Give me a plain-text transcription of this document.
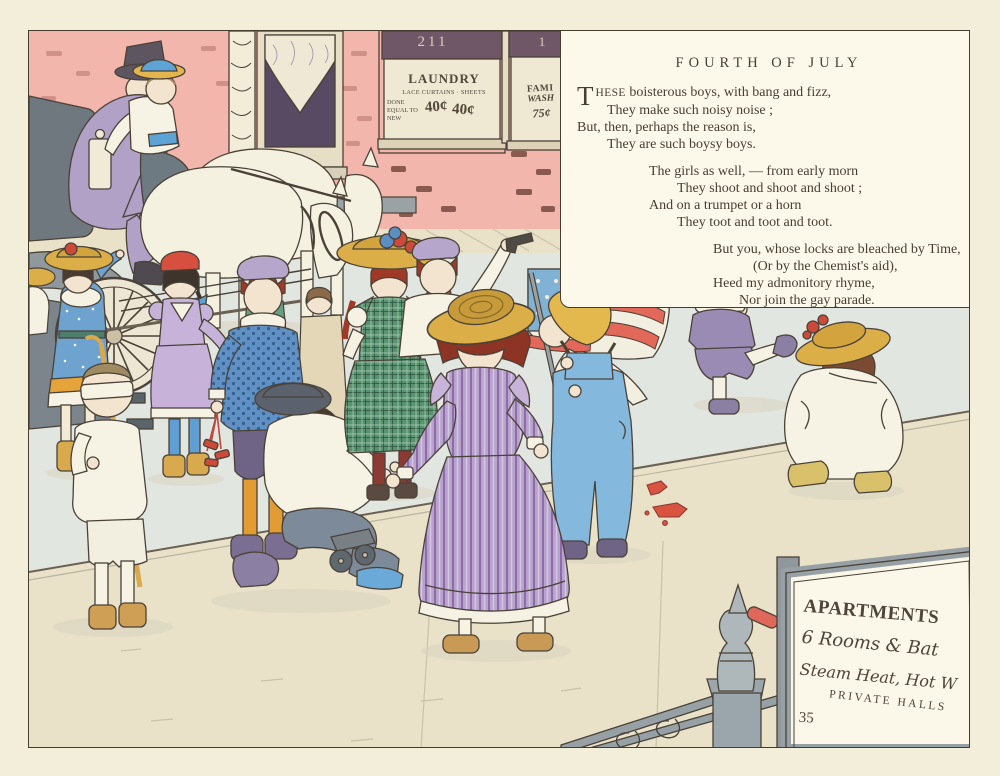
211	1
LAUNDRY
LACE CURTAINS · SHEETS
DONE EQUAL TO NEW
40¢ 40¢
FAMI
WASH
75¢
APARTMENTS
6 Rooms & Bat
Steam Heat, Hot W
PRIVATE HALLS
35
FOURTH OF JULY
THESE boisterous boys, with bang and fizz,
They make such noisy noise ;
But, then, perhaps the reason is,
They are such boysy boys.
The girls as well, — from early morn
They shoot and shoot and shoot ;
And on a trumpet or a horn
They toot and toot and toot.
But you, whose locks are bleached by Time,
(Or by the Chemist's aid),
Heed my admonitory rhyme,
Nor join the gay parade.
